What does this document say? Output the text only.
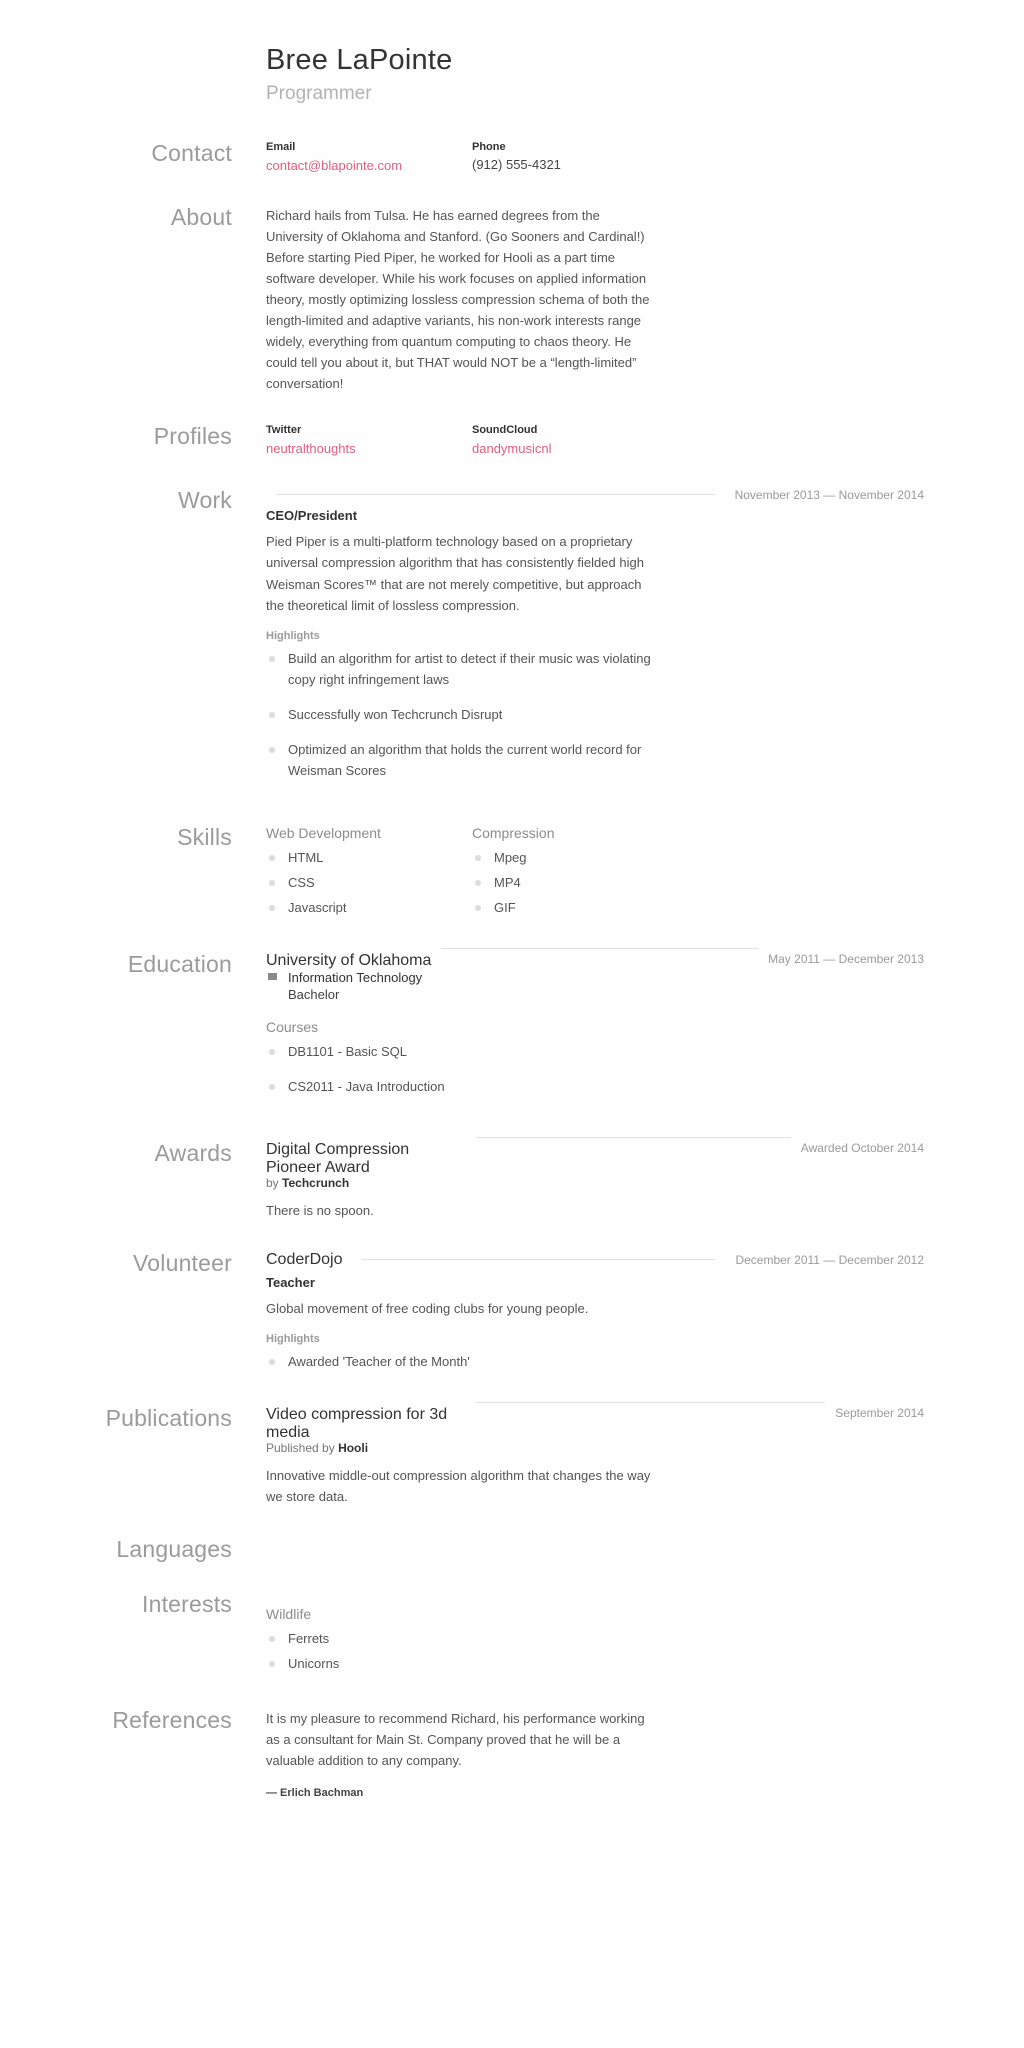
Bree LaPointe

Programmer

Contact	Email
contact@blapointe.com
Phone
(912) 555-4321
About	Richard hails from Tulsa. He has earned degrees from the University of Oklahoma and Stanford. (Go Sooners and Cardinal!) Before starting Pied Piper, he worked for Hooli as a part time software developer. While his work focuses on applied information theory, mostly optimizing lossless compression schema of both the length-limited and adaptive variants, his non-work interests range widely, everything from quantum computing to chaos theory. He could tell you about it, but THAT would NOT be a “length-limited” conversation!
Profiles	Twitter
neutralthoughts
SoundCloud
dandymusicnl
Work	November 2013 — November 2014
CEO/President
Pied Piper is a multi-platform technology based on a proprietary universal compression algorithm that has consistently fielded high Weisman Scores™ that are not merely competitive, but approach the theoretical limit of lossless compression.
Highlights
Build an algorithm for artist to detect if their music was violating copy right infringement laws
Successfully won Techcrunch Disrupt
Optimized an algorithm that holds the current world record for Weisman Scores
Skills	Web Development
HTML
CSS
Javascript
Compression
Mpeg
MP4
GIF
Education	University of Oklahoma	May 2011 — December 2013
Information Technology
Bachelor
Courses
DB1101 - Basic SQL
CS2011 - Java Introduction
Awards	Digital Compression Pioneer Award
Awarded October 2014
by Techcrunch
There is no spoon.
Volunteer	CoderDojo	December 2011 — December 2012
Teacher
Global movement of free coding clubs for young people.
Highlights
Awarded 'Teacher of the Month'
Publications	Video compression for 3d media
September 2014
Published by Hooli
Innovative middle-out compression algorithm that changes the way we store data.
Languages
Interests	Wildlife
Ferrets
Unicorns
References	It is my pleasure to recommend Richard, his performance working as a consultant for Main St. Company proved that he will be a valuable addition to any company.
— Erlich Bachman
